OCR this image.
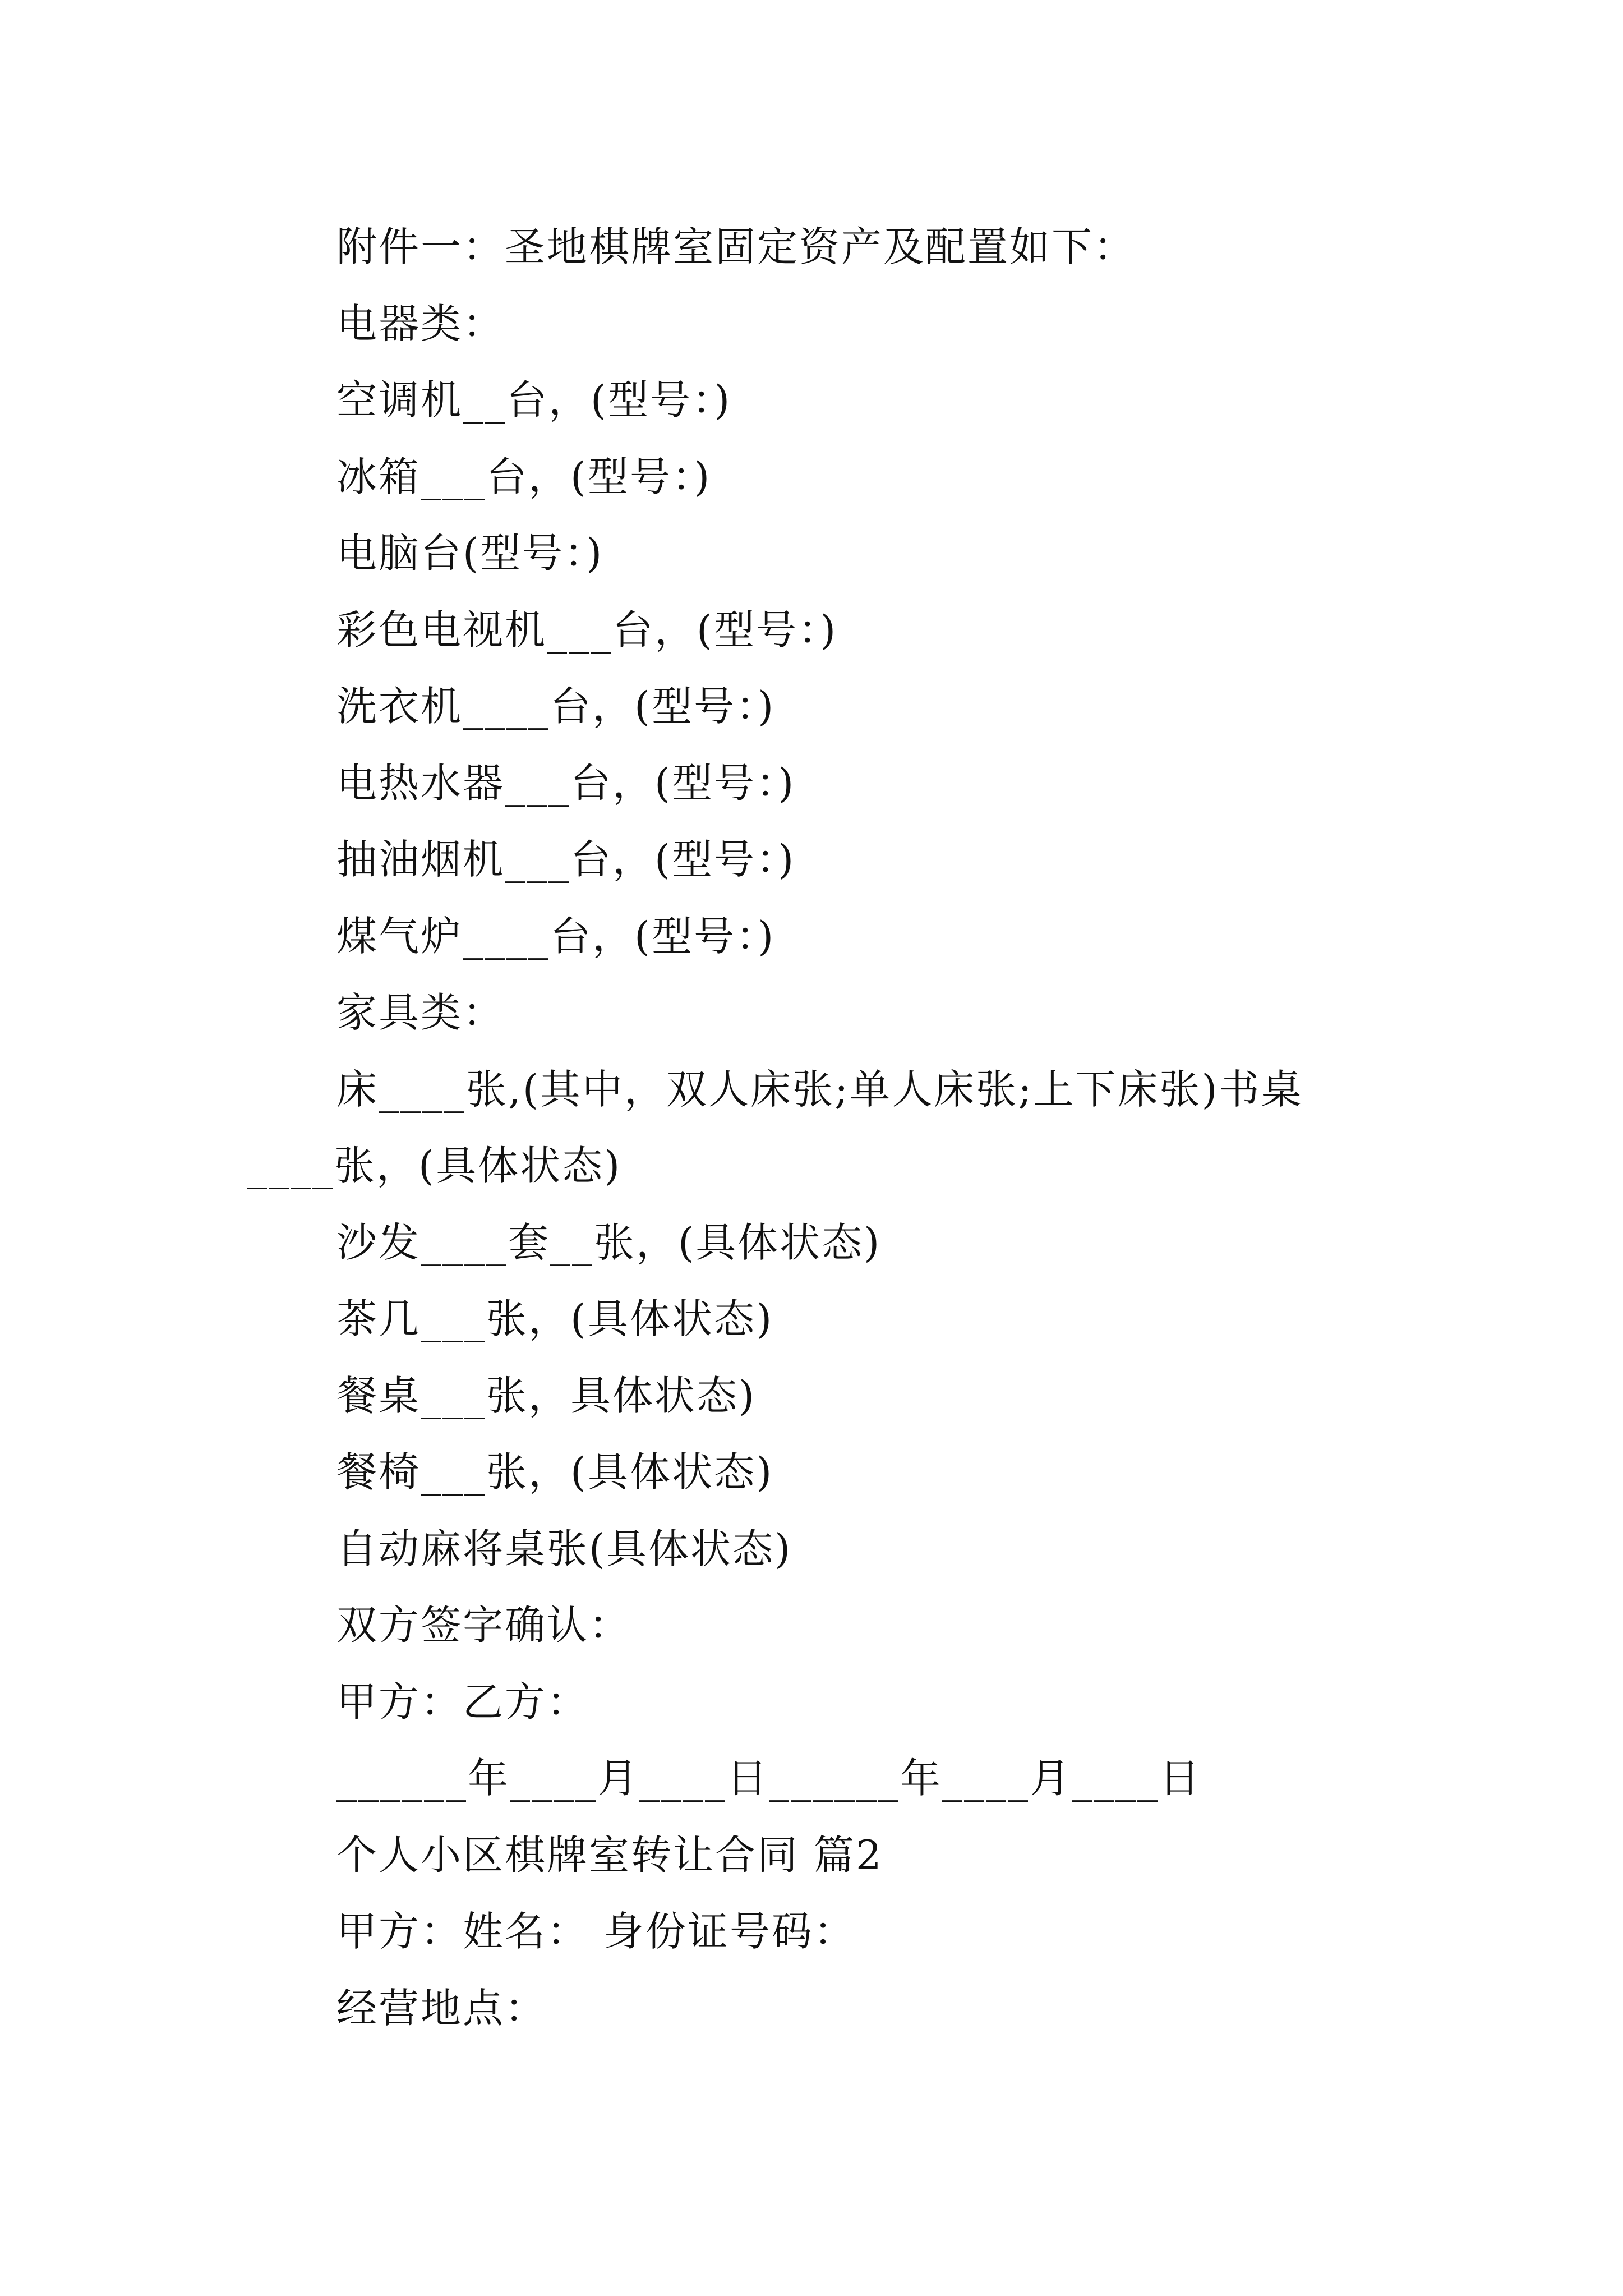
附件一：圣地棋牌室固定资产及配置如下：
电器类：
空调机__台，(型号：)
冰箱___台，(型号：)
电脑台(型号：)
彩色电视机___台，(型号：)
洗衣机____台，(型号：)
电热水器___台，(型号：)
抽油烟机___台，(型号：)
煤气炉____台，(型号：)
家具类：
床____张,(其中，双人床张;单人床张;上下床张)书桌
____张，(具体状态)
沙发____套__张，(具体状态)
茶几___张，(具体状态)
餐桌___张，具体状态)
餐椅___张，(具体状态)
自动麻将桌张(具体状态)
双方签字确认：
甲方：乙方：
______年____月____日______年____月____日
个人小区棋牌室转让合同 篇2
甲方：姓名： 身份证号码：
经营地点：
